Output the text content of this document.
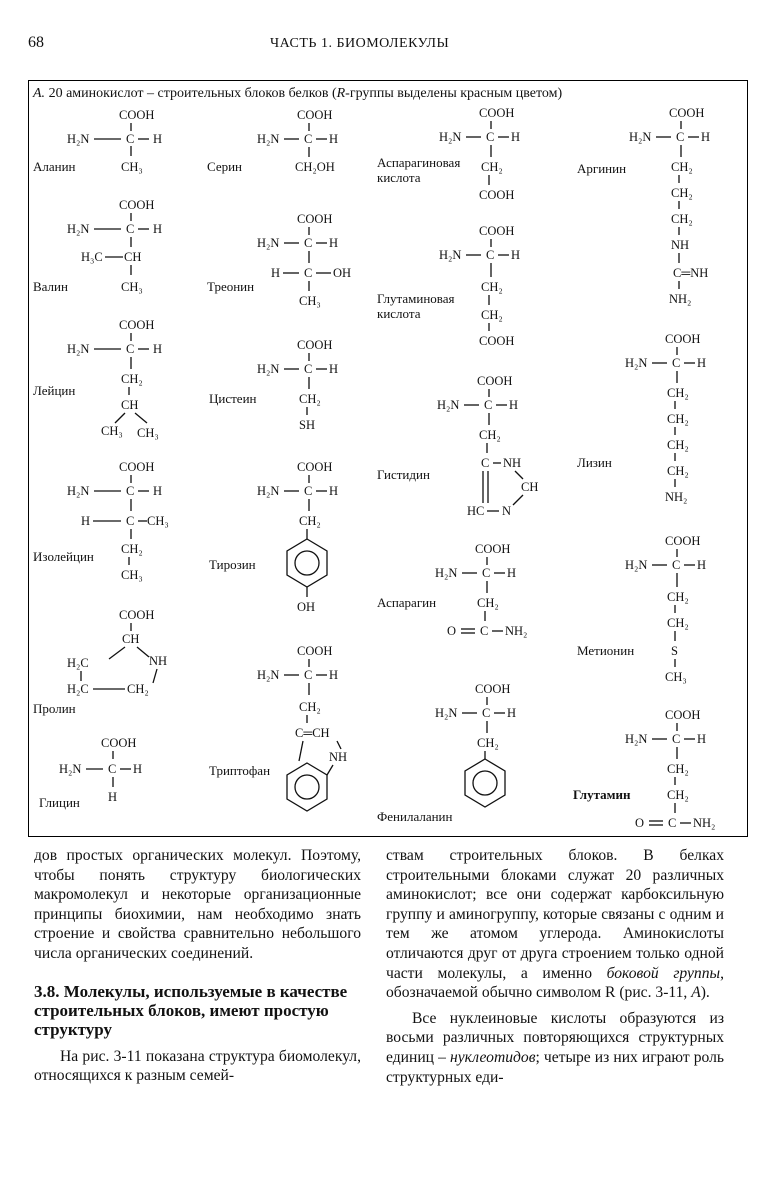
68	ЧАСТЬ 1. БИОМОЛЕКУЛЫ
А. 20 аминокислот – строительных блоков белков (R-группы выделены красным цветом)
COOH
H₂N	C H
CH₃
Аланин
COOH
H₂N	C H
H₃C CH
CH₃
Валин
COOH
H₂N	C H
CH₂
CH
CH₃ CH₃
Лейцин
COOH
H₂N	C H
H	C CH₃
CH₂
CH₃
Изолейцин
COOH
CH
H₂C	NH
H₂C	CH₂
Пролин
COOH
H₂N C H
H
Глицин
COOH
H₂N C H
CH₂OH
Серин
COOH
H₂N C H
H C OH
CH₃
Треонин
COOH
H₂N C H
CH₂
SH
Цистеин
COOH
H₂N C H
CH₂
OH
Тирозин
COOH
H₂N C H
CH₂
C═CH
NH
Триптофан
COOH
H₂N C H
CH₂
COOH
Аспарагиновая
кислота
COOH
H₂N C H
CH₂
CH₂
COOH
Глутаминовая
кислота
COOH
H₂N C H
CH₂
C NH
CH
N
HC
Гистидин
COOH
H₂N C H
CH₂
O C NH₂
Аспарагин
COOH
H₂N C H
CH₂
Фенилаланин
COOH
H₂N C H
CH₂
CH₂
CH₂
NH
C═NH
NH₂
Аргинин
COOH
H₂N C H
CH₂
CH₂
CH₂
CH₂
NH₂
Лизин
COOH
H₂N C H
CH₂
CH₂
S
CH₃
Метионин
COOH
H₂N C H
CH₂
CH₂
O C NH₂
Глутамин

дов простых органических молекул. Поэтому, чтобы понять структуру биологических макромолекул и некоторые организационные принципы биохимии, нам необходимо знать строение и свойства сравнительно небольшого числа органических соединений.

3.8. Молекулы, используемые в качестве строительных блоков, имеют простую структуру

На рис. 3-11 показана структура биомолекул, относящихся к разным семей-

ствам строительных блоков. В белках строительными блоками служат 20 различных аминокислот; все они содержат карбоксильную группу и аминогруппу, которые связаны с одним и тем же атомом углерода. Аминокислоты отличаются друг от друга строением только одной части молекулы, а именно боковой группы, обозначаемой обычно символом R (рис. 3-11, А).

Все нуклеиновые кислоты образуются из восьми различных повторяющихся структурных единиц – нуклеотидов; четыре из них играют роль структурных еди-
